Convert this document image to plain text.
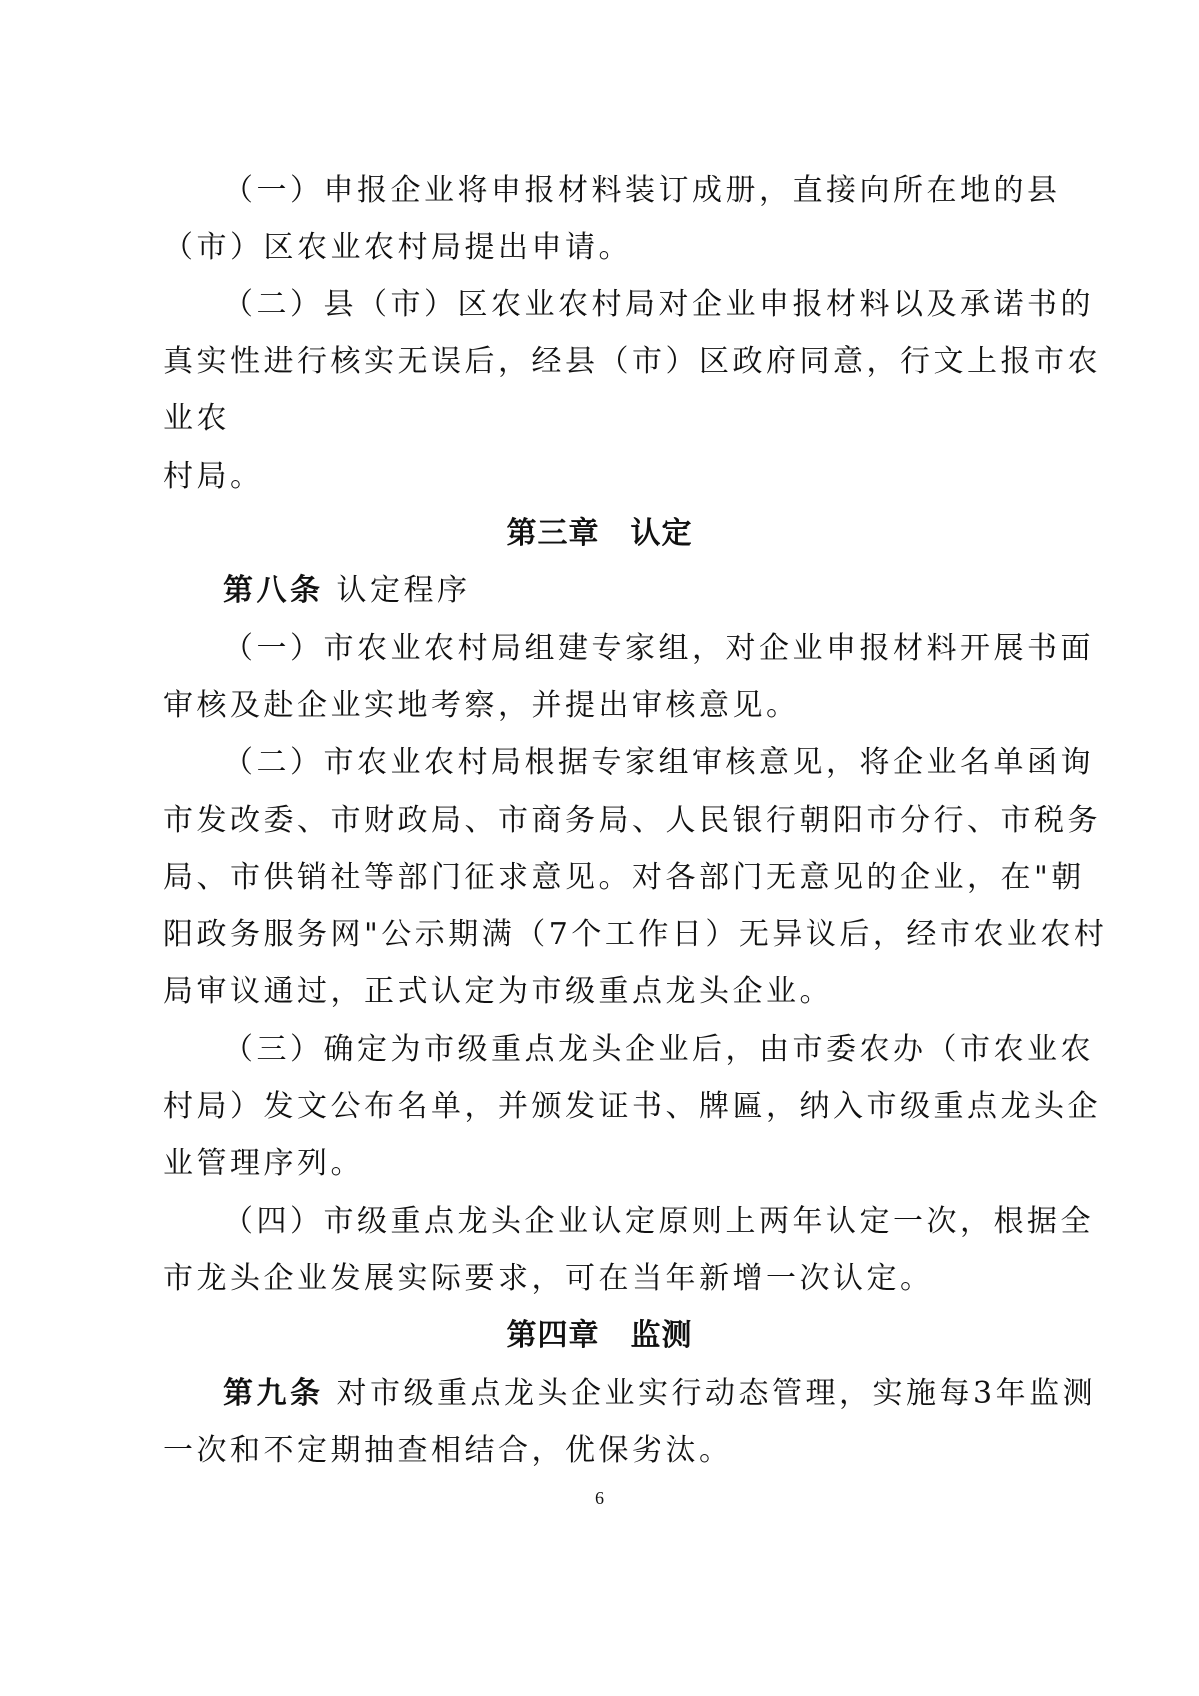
（一）申报企业将申报材料装订成册，直接向所在地的县
（市）区农业农村局提出申请。
（二）县（市）区农业农村局对企业申报材料以及承诺书的
真实性进行核实无误后，经县（市）区政府同意，行文上报市农
业农
村局。
第三章　认定
第八条 认定程序
（一）市农业农村局组建专家组，对企业申报材料开展书面
审核及赴企业实地考察，并提出审核意见。
（二）市农业农村局根据专家组审核意见，将企业名单函询
市发改委、市财政局、市商务局、人民银行朝阳市分行、市税务
局、市供销社等部门征求意见。对各部门无意见的企业，在"朝
阳政务服务网"公示期满（7个工作日）无异议后，经市农业农村
局审议通过，正式认定为市级重点龙头企业。
（三）确定为市级重点龙头企业后，由市委农办（市农业农
村局）发文公布名单，并颁发证书、牌匾，纳入市级重点龙头企
业管理序列。
（四）市级重点龙头企业认定原则上两年认定一次，根据全
市龙头企业发展实际要求，可在当年新增一次认定。
第四章　监测
第九条 对市级重点龙头企业实行动态管理，实施每3年监测
一次和不定期抽查相结合，优保劣汰。
6
